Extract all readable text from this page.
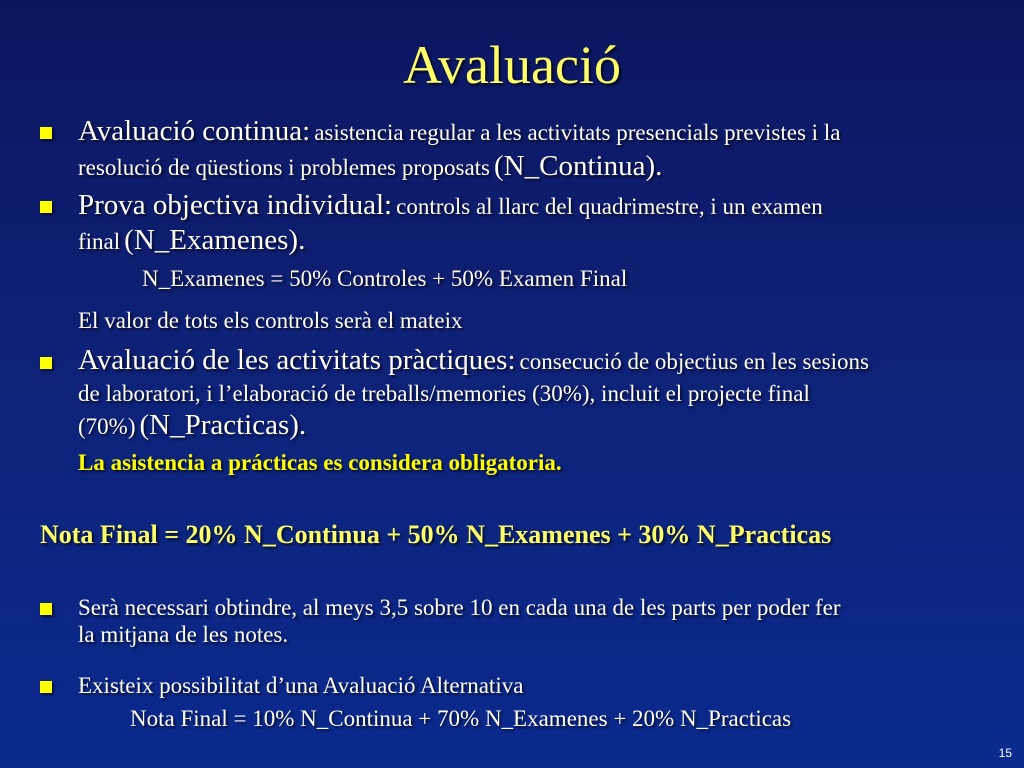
Avaluació
Avaluació continua: asistencia regular a les activitats presencials previstes i la
resolució de qüestions i problemes proposats (N_Continua).
Prova objectiva individual: controls al llarc del quadrimestre, i un examen
final (N_Examenes).
N_Examenes = 50% Controles + 50% Examen Final
El valor de tots els controls serà el mateix
Avaluació de les activitats pràctiques: consecució de objectius en les sesions
de laboratori, i l’elaboració de treballs/memories (30%), incluit el projecte final
(70%) (N_Practicas).
La asistencia a prácticas es considera obligatoria.
Nota Final = 20% N_Continua + 50% N_Examenes + 30% N_Practicas
Serà necessari obtindre, al meys 3,5 sobre 10 en cada una de les parts per poder fer
la mitjana de les notes.
Existeix possibilitat d’una Avaluació Alternativa
Nota Final = 10% N_Continua + 70% N_Examenes + 20% N_Practicas
15
